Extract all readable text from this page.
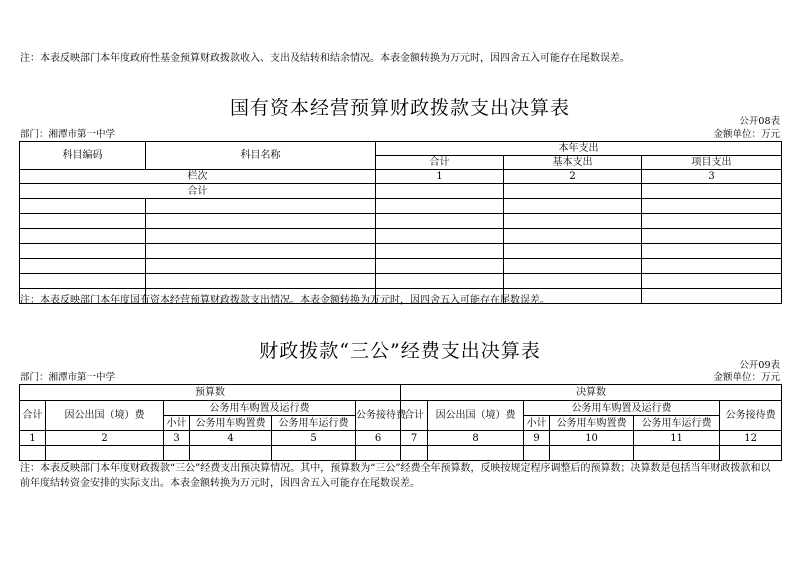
注：本表反映部门本年度政府性基金预算财政拨款收入、支出及结转和结余情况。本表金额转换为万元时，因四舍五入可能存在尾数误差。
国有资本经营预算财政拨款支出决算表
公开08表
部门：湘潭市第一中学	金额单位：万元
科目编码	科目名称	本年支出		
		合计	基本支出	项目支出
栏次		1	2	3
合计				

注：本表反映部门本年度国有资本经营预算财政拨款支出情况。本表金额转换为万元时，因四舍五入可能存在尾数误差。
财政拨款“三公”经费支出决算表
公开09表
部门：湘潭市第一中学	金额单位：万元
预算数						决算数					
合计	因公出国（境）费	公务用车购置及运行费			公务接待费	合计	因公出国（境）费	公务用车购置及运行费			公务接待费
		小计	公务用车购置费	公务用车运行费				小计	公务用车购置费	公务用车运行费	
1	2	3	4	5	6	7	8	9	10	11	12

注：本表反映部门本年度财政拨款“三公”经费支出预决算情况。其中，预算数为“三公”经费全年预算数，反映按规定程序调整后的预算数；决算数是包括当年财政拨款和以前年度结转资金安排的实际支出。本表金额转换为万元时，因四舍五入可能存在尾数误差。
